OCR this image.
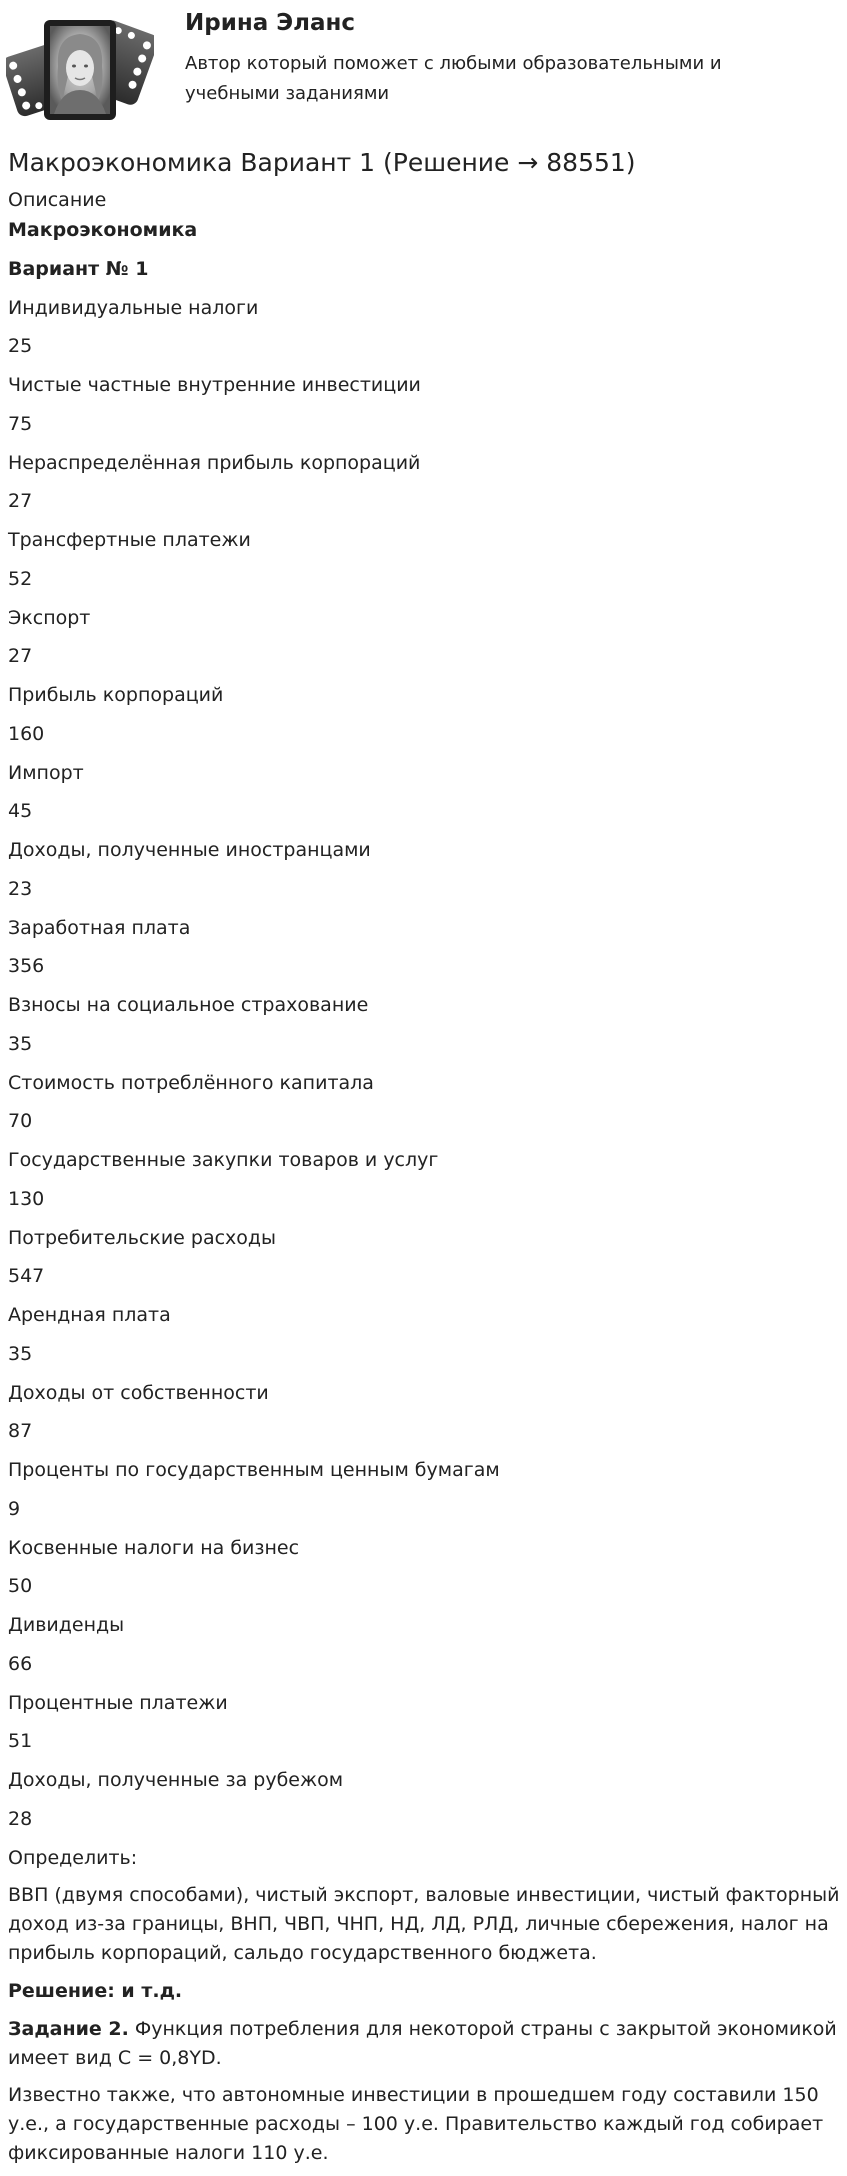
Ирина Эланс

Автор который поможет с любыми образовательными и учебными заданиями

Макроэкономика Вариант 1 (Решение → 88551)
Описание

Макроэкономика

Вариант № 1

Индивидуальные налоги

25

Чистые частные внутренние инвестиции

75

Нераспределённая прибыль корпораций

27

Трансфертные платежи

52

Экспорт

27

Прибыль корпораций

160

Импорт

45

Доходы, полученные иностранцами

23

Заработная плата

356

Взносы на социальное страхование

35

Стоимость потреблённого капитала

70

Государственные закупки товаров и услуг

130

Потребительские расходы

547

Арендная плата

35

Доходы от собственности

87

Проценты по государственным ценным бумагам

9

Косвенные налоги на бизнес

50

Дивиденды

66

Процентные платежи

51

Доходы, полученные за рубежом

28

Определить:

ВВП (двумя способами), чистый экспорт, валовые инвестиции, чистый факторный доход из-за границы, ВНП, ЧВП, ЧНП, НД, ЛД, РЛД, личные сбережения, налог на прибыль корпораций, сальдо государственного бюджета.

Решение: и т.д.

Задание 2. Функция потребления для некоторой страны с закрытой экономикой имеет вид C = 0,8YD.

Известно также, что автономные инвестиции в прошедшем году составили 150 у.е., а государственные расходы – 100 у.е. Правительство каждый год собирает фиксированные налоги 110 у.е.
